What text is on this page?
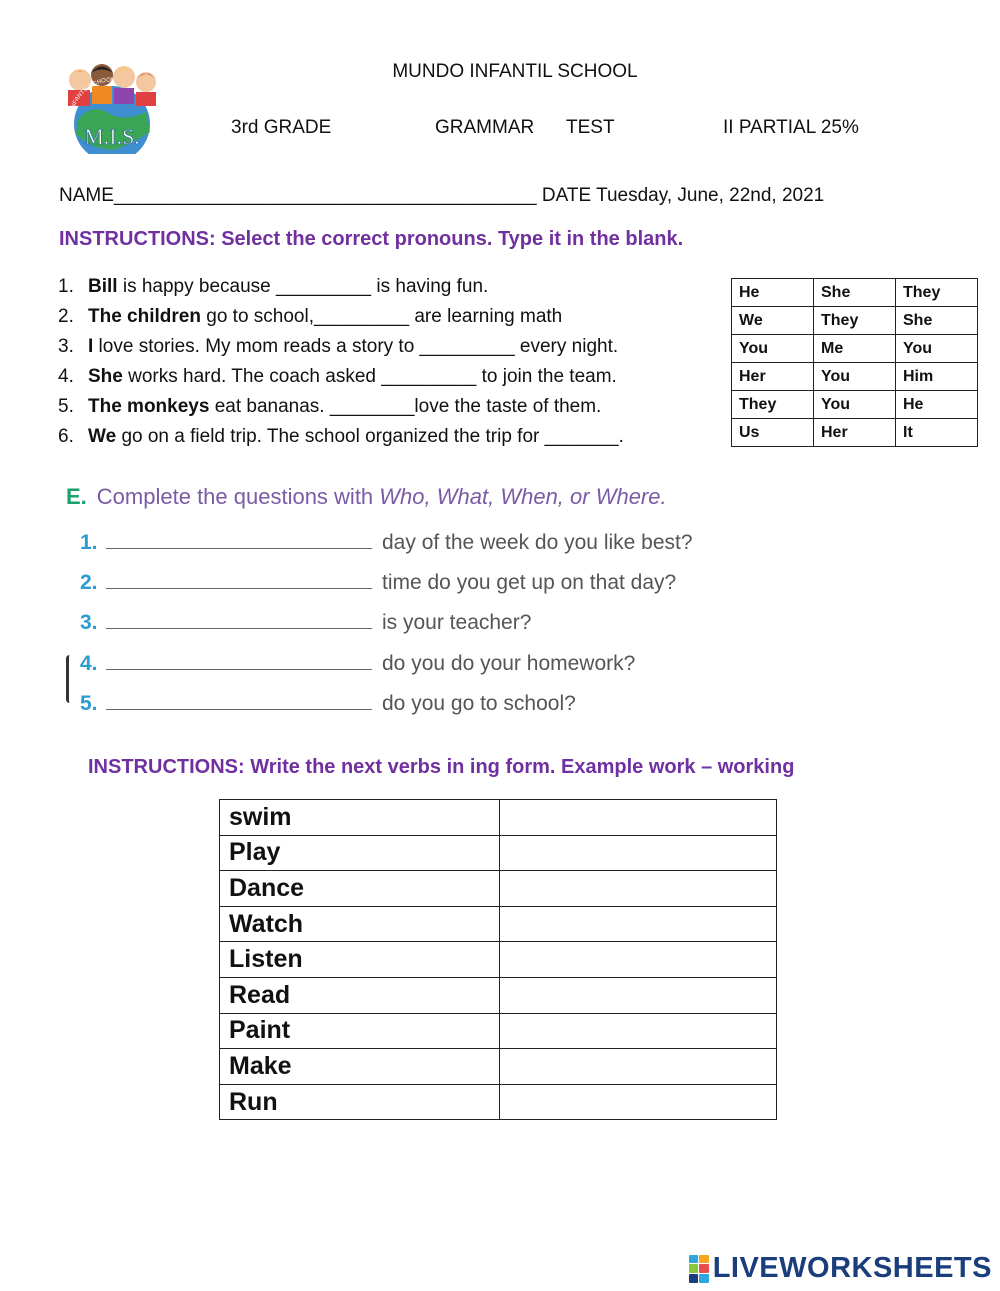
MUNDO INFANTIL SCHOOL
M.I.S.
MUNDO INFANTIL SCHOOL
3rd GRADE	GRAMMAR TEST	II PARTIAL 25%
NAME________________________________________ DATE Tuesday, June, 22nd, 2021
INSTRUCTIONS: Select the correct pronouns. Type it in the blank.
1. Bill is happy because _________ is having fun.
2. The children go to school,_________ are learning math
3. I love stories. My mom reads a story to _________ every night.
4. She works hard. The coach asked _________ to join the team.
5. The monkeys eat bananas. ________love the taste of them.
6. We go on a field trip. The school organized the trip for _______.
He	She	They
We	They	She
You	Me	You
Her	You	Him
They	You	He
Us	Her	It
E. Complete the questions with Who, What, When, or Where.
1.	day of the week do you like best?
2.	time do you get up on that day?
3.	is your teacher?
4.	do you do your homework?
5.	do you go to school?
INSTRUCTIONS: Write the next verbs in ing form. Example work – working
swim	
Play	
Dance	
Watch	
Listen	
Read	
Paint	
Make	
Run	
LIVEWORKSHEETS
